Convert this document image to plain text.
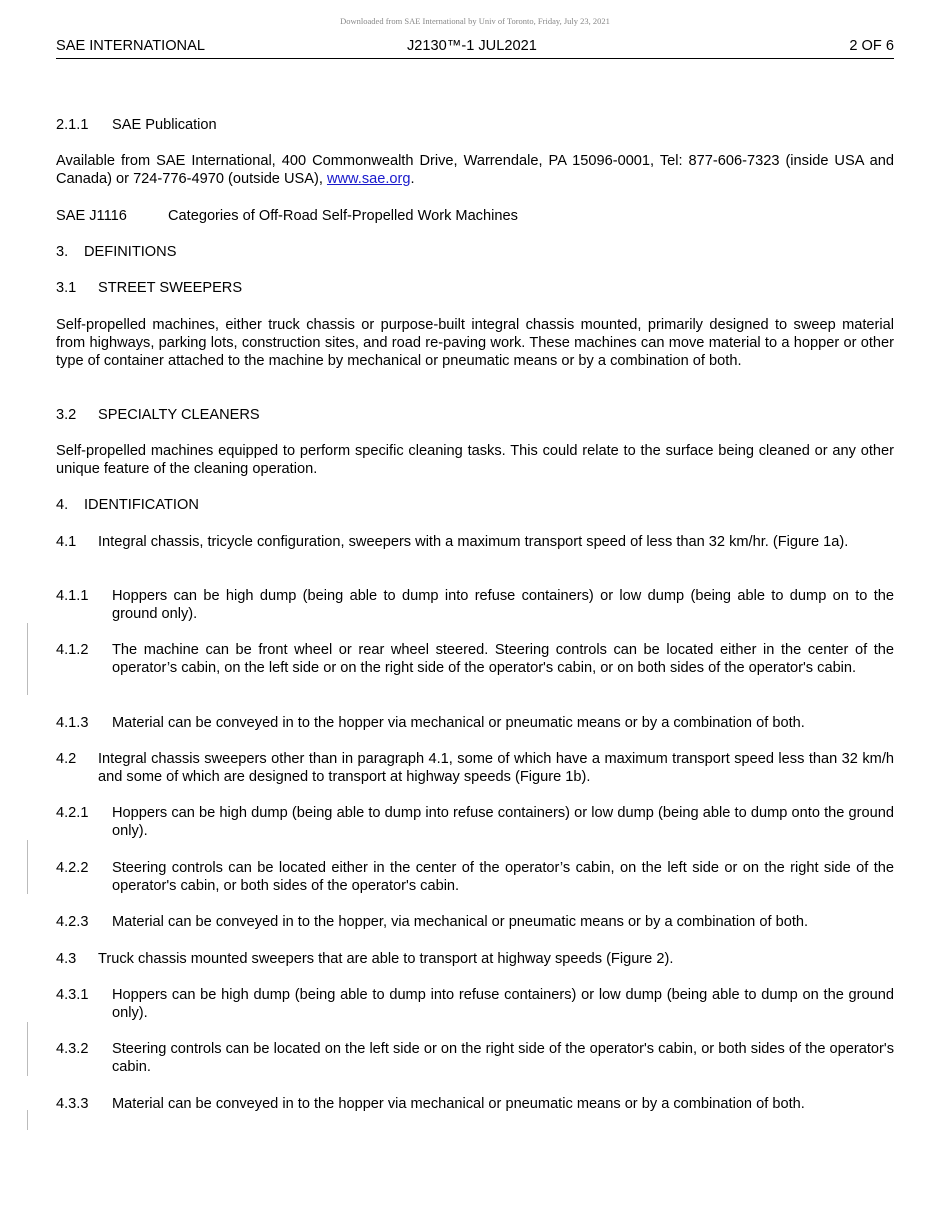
Downloaded from SAE International by Univ of Toronto, Friday, July 23, 2021
SAE INTERNATIONAL	J2130™-1 JUL2021	2 OF 6
2.1.1	SAE Publication
Available from SAE International, 400 Commonwealth Drive, Warrendale, PA 15096-0001, Tel: 877-606-7323 (inside USA and Canada) or 724-776-4970 (outside USA), www.sae.org.
SAE J1116	Categories of Off-Road Self-Propelled Work Machines
3.	DEFINITIONS
3.1	STREET SWEEPERS
Self-propelled machines, either truck chassis or purpose-built integral chassis mounted, primarily designed to sweep material from highways, parking lots, construction sites, and road re-paving work. These machines can move material to a hopper or other type of container attached to the machine by mechanical or pneumatic means or by a combination of both.
3.2	SPECIALTY CLEANERS
Self-propelled machines equipped to perform specific cleaning tasks. This could relate to the surface being cleaned or any other unique feature of the cleaning operation.
4.	IDENTIFICATION
4.1	Integral chassis, tricycle configuration, sweepers with a maximum transport speed of less than 32 km/hr. (Figure 1a).
4.1.1	Hoppers can be high dump (being able to dump into refuse containers) or low dump (being able to dump on to the ground only).
4.1.2	The machine can be front wheel or rear wheel steered. Steering controls can be located either in the center of the operator’s cabin, on the left side or on the right side of the operator's cabin, or on both sides of the operator's cabin.
4.1.3	Material can be conveyed in to the hopper via mechanical or pneumatic means or by a combination of both.
4.2	Integral chassis sweepers other than in paragraph 4.1, some of which have a maximum transport speed less than 32 km/h and some of which are designed to transport at highway speeds (Figure 1b).
4.2.1	Hoppers can be high dump (being able to dump into refuse containers) or low dump (being able to dump onto the ground only).
4.2.2	Steering controls can be located either in the center of the operator’s cabin, on the left side or on the right side of the operator's cabin, or both sides of the operator's cabin.
4.2.3	Material can be conveyed in to the hopper, via mechanical or pneumatic means or by a combination of both.
4.3	Truck chassis mounted sweepers that are able to transport at highway speeds (Figure 2).
4.3.1	Hoppers can be high dump (being able to dump into refuse containers) or low dump (being able to dump on the ground only).
4.3.2	Steering controls can be located on the left side or on the right side of the operator's cabin, or both sides of the operator's cabin.
4.3.3	Material can be conveyed in to the hopper via mechanical or pneumatic means or by a combination of both.
